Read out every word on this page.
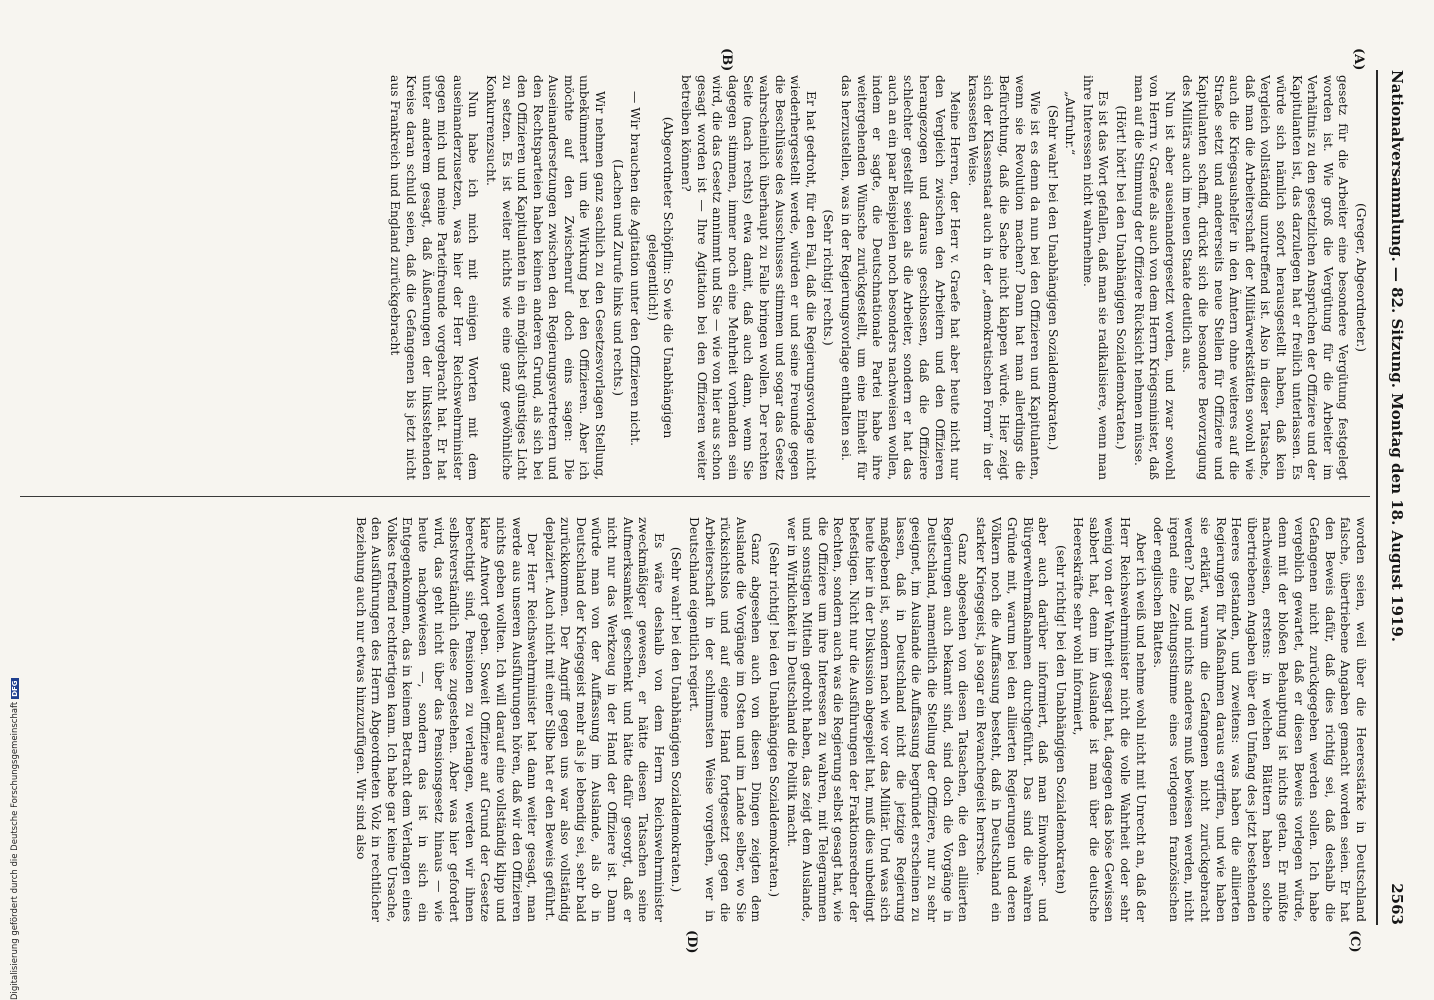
Nationalversammlung. — 82. Sitzung. Montag den 18. August 1919.
2563
(A)
(B)
(C)
(D)

(Greger, Abgeordneter.)

gesetz für die Arbeiter eine besondere Vergütung festgelegt worden ist. Wie groß die Vergütung für die Arbeiter im Verhältnis zu den gesetzlichen Ansprüchen der Offiziere und der Kapitulanten ist, das darzulegen hat er freilich unterlassen. Es würde sich nämlich sofort herausgestellt haben, daß kein Vergleich vollständig unzutreffend ist. Also in dieser Tatsache, daß man die Arbeiterschaft der Militärwerkstätten sowohl wie auch die Kriegsaushelfer in den Ämtern ohne weiteres auf die Straße setzt und andererseits neue Stellen für Offiziere und Kapitulanten schafft, drückt sich die besondere Bevorzugung des Militärs auch im neuen Staate deutlich aus.

Nun ist aber auseinandergesetzt worden, und zwar sowohl von Herrn v. Graefe als auch von dem Herrn Kriegsminister, daß man auf die Stimmung der Offiziere Rücksicht nehmen müsse.

(Hört! hört! bei den Unabhängigen Sozialdemokraten.)

Es ist das Wort gefallen, daß man sie radikalisiere, wenn man ihre Interessen nicht wahrnehme.

„Aufruhr.“

(Sehr wahr! bei den Unabhängigen Sozialdemokraten.)

Wie ist es denn da nun bei den Offizieren und Kapitulanten, wenn sie Revolution machen? Dann hat man allerdings die Befürchtung, daß die Sache nicht klappen würde. Hier zeigt sich der Klassenstaat auch in der „demokratischen Form“ in der krassesten Weise.

Meine Herren, der Herr v. Graefe hat aber heute nicht nur den Vergleich zwischen den Arbeitern und den Offizieren herangezogen und daraus geschlossen, daß die Offiziere schlechter gestellt seien als die Arbeiter, sondern er hat das auch an ein paar Beispielen noch besonders nachweisen wollen, indem er sagte, die Deutschnationale Partei habe ihre weitergehenden Wünsche zurückgestellt, um eine Einheit für das herzustellen, was in der Regierungsvorlage enthalten sei.

(Sehr richtig! rechts.)

Er hat gedroht, für den Fall, daß die Regierungsvorlage nicht wiederhergestellt werde, würden er und seine Freunde gegen die Beschlüsse des Ausschusses stimmen und sogar das Gesetz wahrscheinlich überhaupt zu Falle bringen wollen. Der rechten Seite (nach rechts) etwa damit, daß auch dann, wenn Sie dagegen stimmen, immer noch eine Mehrheit vorhanden sein wird, die das Gesetz annimmt und Sie — wie von hier aus schon gesagt worden ist — Ihre Agitation bei den Offizieren weiter betreiben können?

(Abgeordneter Schöpflin: So wie die Unabhängigen gelegentlich!)

— Wir brauchen die Agitation unter den Offizieren nicht.

(Lachen und Zurufe links und rechts.)

Wir nehmen ganz sachlich zu den Gesetzesvorlagen Stellung, unbekümmert um die Wirkung bei den Offizieren. Aber ich möchte auf den Zwischenruf doch eins sagen: Die Auseinandersetzungen zwischen den Regierungsvertretern und den Rechtsparteien haben keinen anderen Grund, als sich bei den Offizieren und Kapitulanten in ein möglichst günstiges Licht zu setzen. Es ist weiter nichts wie eine ganz gewöhnliche Konkurrenzsucht.

Nun habe ich mich mit einigen Worten mit dem auseinanderzusetzen, was hier der Herr Reichswehrminister gegen mich und meine Parteifreunde vorgebracht hat. Er hat unter anderem gesagt, daß Äußerungen der linksstehenden Kreise daran schuld seien, daß die Gefangenen bis jetzt nicht aus Frankreich und England zurückgebracht

worden seien, weil über die Heeresstärke in Deutschland falsche, übertriebene Angaben gemacht worden seien. Er hat den Beweis dafür, daß dies richtig sei, daß deshalb die Gefangenen nicht zurückgegeben werden sollen. Ich habe vergeblich gewartet, daß er diesen Beweis vorlegen würde, denn mit der bloßen Behauptung ist nichts getan. Er müßte nachweisen, erstens: in welchen Blättern haben solche übertriebenen Angaben über den Umfang des jetzt bestehenden Heeres gestanden, und zweitens: was haben die alliierten Regierungen für Maßnahmen daraus ergriffen, und wie haben sie erklärt, warum die Gefangenen nicht zurückgebracht werden? Daß und nichts anderes muß bewiesen werden, nicht irgend eine Zeitungsstimme eines verlogenen französischen oder englischen Blattes.

Aber ich weiß und nehme wohl nicht mit Unrecht an, daß der Herr Reichswehrminister nicht die volle Wahrheit oder sehr wenig von der Wahrheit gesagt hat, dagegen das böse Gewissen sabbert hat, denn im Auslande ist man über die deutsche Heereskräfte sehr wohl informiert,

(sehr richtig! bei den Unabhängigen Sozialdemokraten)

aber auch darüber informiert, daß man Einwohner- und Bürgerwehrmaßnahmen durchgeführt. Das sind die wahren Gründe mit, warum bei den alliierten Regierungen und deren Völkern noch die Auffassung besteht, daß in Deutschland ein starker Kriegsgeist, ja sogar ein Revanchegeist herrsche.

Ganz abgesehen von diesen Tatsachen, die den alliierten Regierungen auch bekannt sind, sind doch die Vorgänge in Deutschland, namentlich die Stellung der Offiziere, nur zu sehr geeignet, im Auslande die Auffassung begründet erscheinen zu lassen, daß in Deutschland nicht die jetzige Regierung maßgebend ist, sondern nach wie vor das Militär. Und was sich heute hier in der Diskussion abgespielt hat, muß dies unbedingt befestigen. Nicht nur die Ausführungen der Fraktionsredner der Rechten, sondern auch was die Regierung selbst gesagt hat, wie die Offiziere um ihre Interessen zu wahren, mit Telegrammen und sonstigen Mitteln gedroht haben, das zeigt dem Auslande, wer in Wirklichkeit in Deutschland die Politik macht.

(Sehr richtig! bei den Unabhängigen Sozialdemokraten.)

Ganz abgesehen auch von diesen Dingen zeigten dem Auslande die Vorgänge im Osten und im Lande selber, wo Sie rücksichtslos und auf eigene Hand fortgesetzt gegen die Arbeiterschaft in der schlimmsten Weise vorgehen, wer in Deutschland eigentlich regiert.

(Sehr wahr! bei den Unabhängigen Sozialdemokraten.)

Es wäre deshalb von dem Herrn Reichswehrminister zweckmäßiger gewesen, er hätte diesen Tatsachen seine Aufmerksamkeit geschenkt und hätte dafür gesorgt, daß er nicht nur das Werkzeug in der Hand der Offiziere ist. Dann würde man von der Auffassung im Auslande, als ob in Deutschland der Kriegsgeist mehr als je lebendig sei, sehr bald zurückkommen. Der Angriff gegen uns war also vollständig deplaziert. Auch nicht mit einer Silbe hat er den Beweis geführt.

Der Herr Reichswehrminister hat dann weiter gesagt, man werde aus unseren Ausführungen hören, daß wir den Offizieren nichts geben wollten. Ich will darauf eine vollständig klipp und klare Antwort geben. Soweit Offiziere auf Grund der Gesetze berechtigt sind, Pensionen zu verlangen, werden wir ihnen selbstverständlich diese zugestehen. Aber was hier gefordert wird, das geht nicht über das Pensionsgesetz hinaus — wie heute nachgewiesen —, sondern das ist in sich ein Entgegenkommen, das in keinem Betracht dem Verlangen eines Volkes treffend rechtfertigen kann. Ich habe gar keine Ursache, den Ausführungen des Herrn Abgeordneten Volz in rechtlicher Beziehung auch nur etwas hinzuzufügen. Wir sind also

Digitalisierung gefördert durch die Deutsche ForschungsgemeinschaftDFG
